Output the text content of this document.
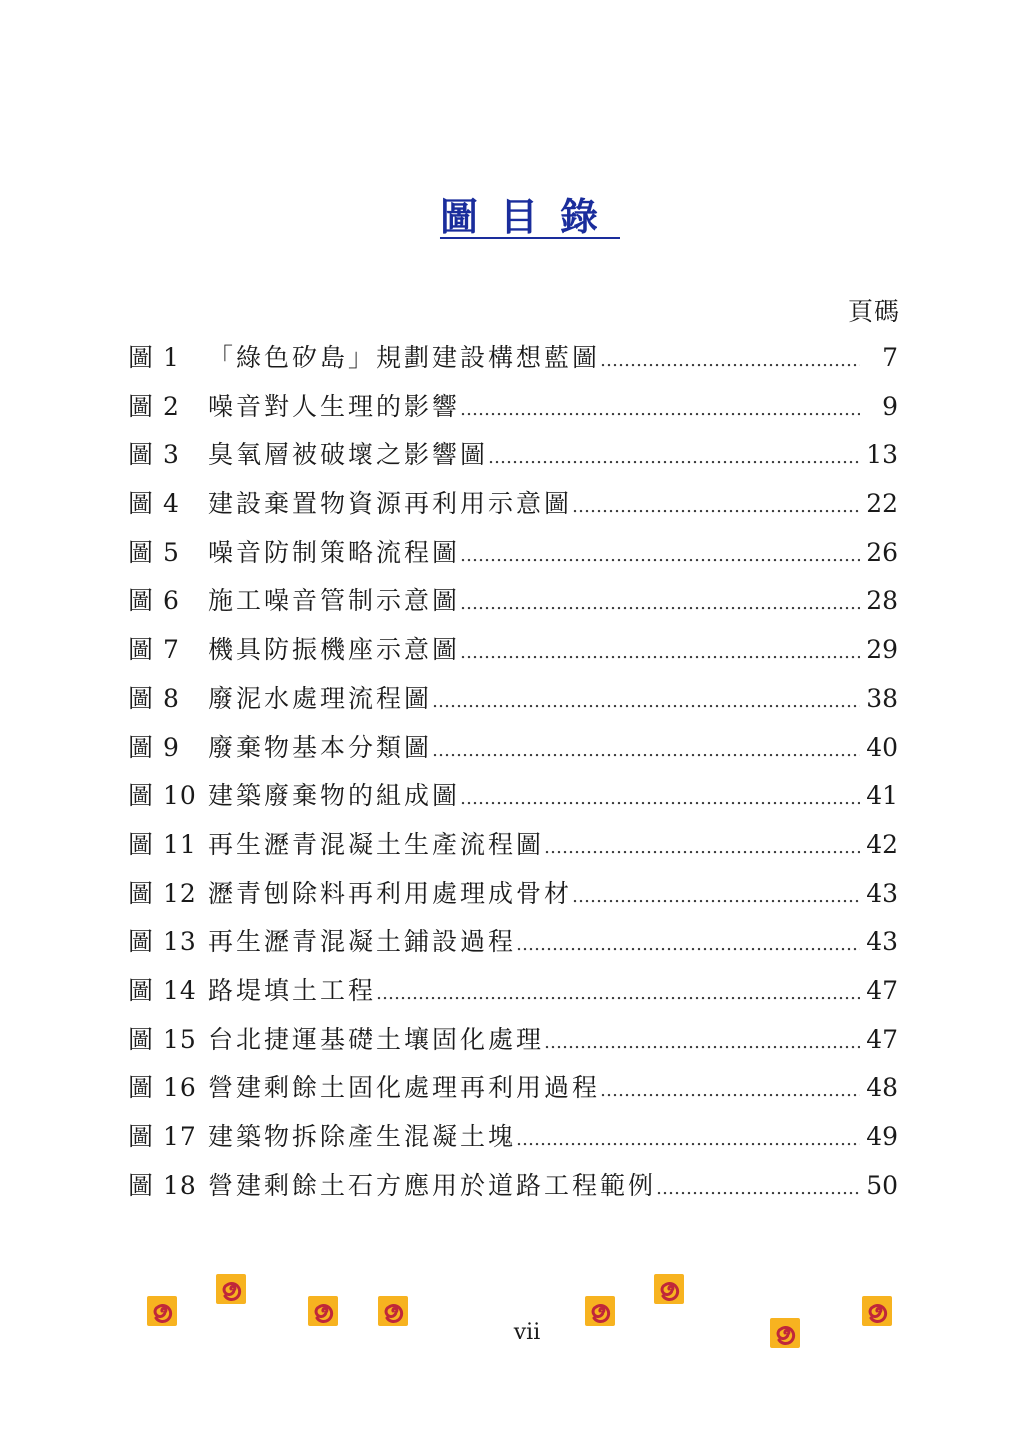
圖目錄
頁碼
圖 1	「綠色矽島」規劃建設構想藍圖 ………………………………………………………………………………………………………………………………………………………………………	7
圖 2	噪音對人生理的影響 ………………………………………………………………………………………………………………………………………………………………………	9
圖 3	臭氧層被破壞之影響圖 ………………………………………………………………………………………………………………………………………………………………………	13
圖 4	建設棄置物資源再利用示意圖 ………………………………………………………………………………………………………………………………………………………………………	22
圖 5	噪音防制策略流程圖 ………………………………………………………………………………………………………………………………………………………………………	26
圖 6	施工噪音管制示意圖 ………………………………………………………………………………………………………………………………………………………………………	28
圖 7	機具防振機座示意圖 ………………………………………………………………………………………………………………………………………………………………………	29
圖 8	廢泥水處理流程圖 ………………………………………………………………………………………………………………………………………………………………………	38
圖 9	廢棄物基本分類圖 ………………………………………………………………………………………………………………………………………………………………………	40
圖 10 建築廢棄物的組成圖 ………………………………………………………………………………………………………………………………………………………………………	41
圖 11 再生瀝青混凝土生產流程圖 ………………………………………………………………………………………………………………………………………………………………………	42
圖 12 瀝青刨除料再利用處理成骨材 ………………………………………………………………………………………………………………………………………………………………………	43
圖 13 再生瀝青混凝土鋪設過程 ………………………………………………………………………………………………………………………………………………………………………	43
圖 14 路堤填土工程 ………………………………………………………………………………………………………………………………………………………………………	47
圖 15 台北捷運基礎土壤固化處理 ………………………………………………………………………………………………………………………………………………………………………	47
圖 16 營建剩餘土固化處理再利用過程 ………………………………………………………………………………………………………………………………………………………………………	48
圖 17 建築物拆除產生混凝土塊 ………………………………………………………………………………………………………………………………………………………………………	49
圖 18 營建剩餘土石方應用於道路工程範例 ………………………………………………………………………………………………………………………………………………………………………	50
vii
